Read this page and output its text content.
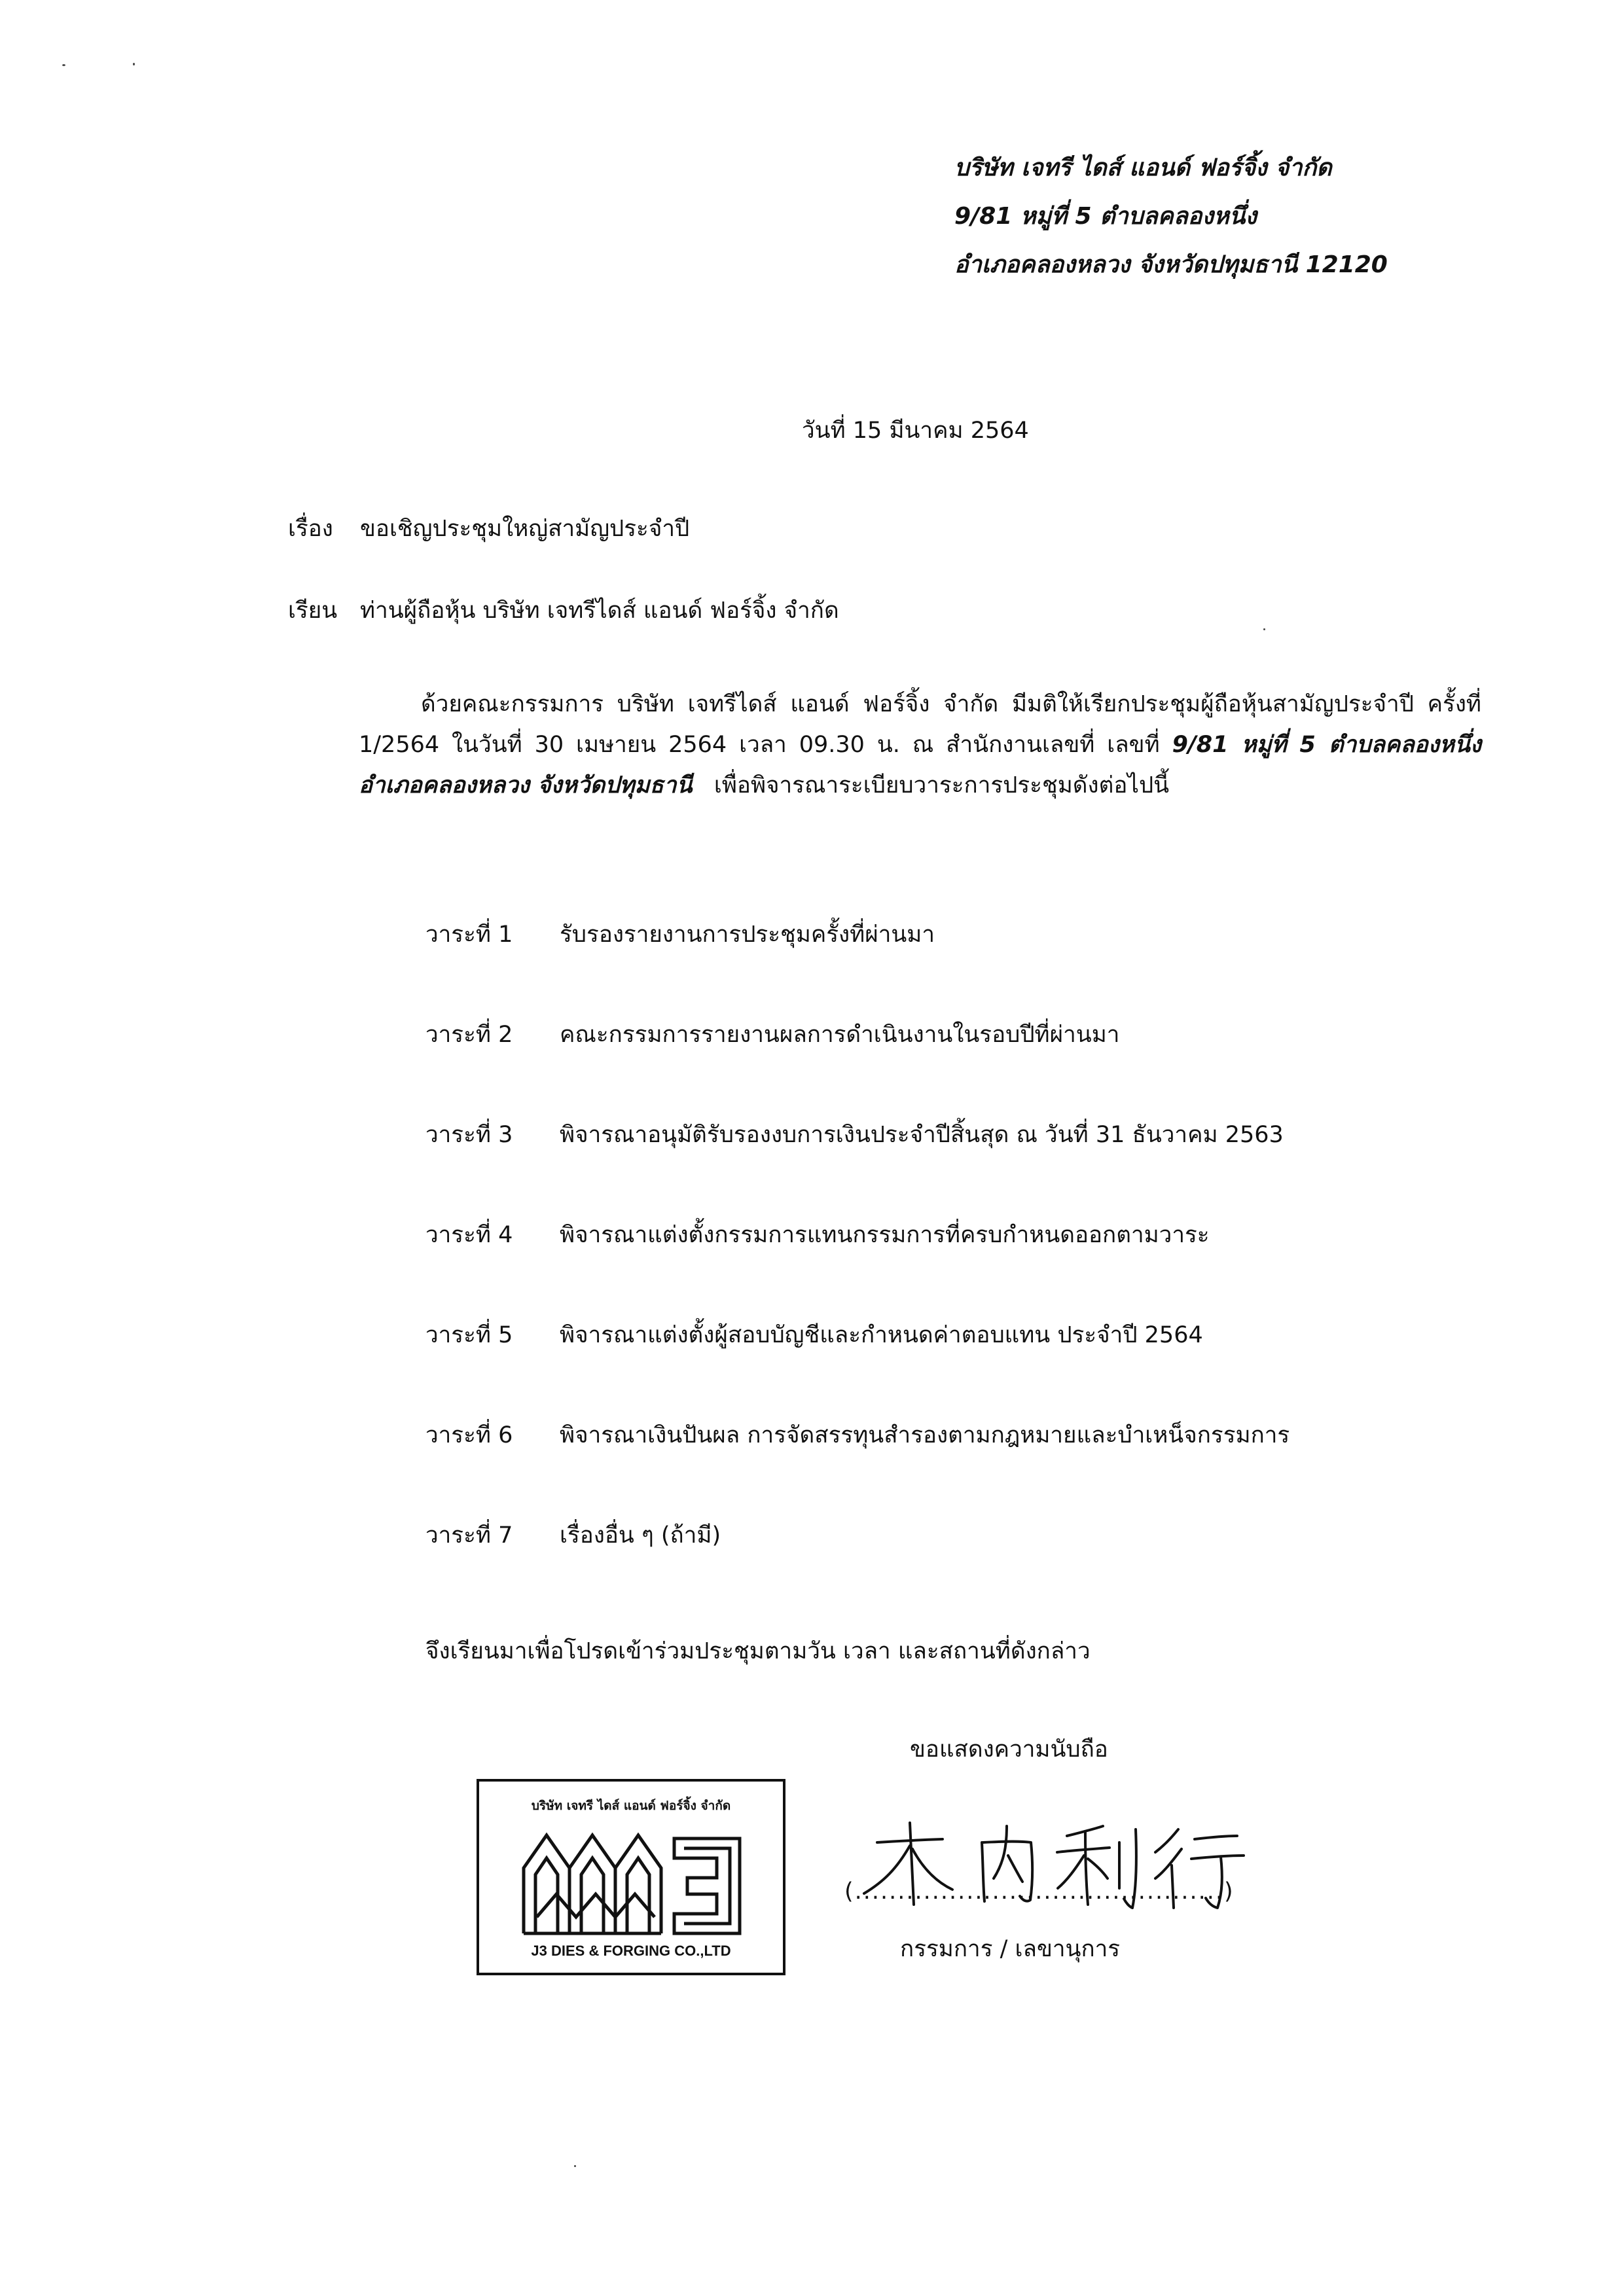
บริษัท เจทรี ไดส์ แอนด์ ฟอร์จิ้ง จำกัด
9/81 หมู่ที่ 5 ตำบลคลองหนึ่ง
อำเภอคลองหลวง จังหวัดปทุมธานี 12120
วันที่ 15 มีนาคม 2564
เรื่อง ขอเชิญประชุมใหญ่สามัญประจำปี
เรียน ท่านผู้ถือหุ้น บริษัท เจทรีไดส์ แอนด์ ฟอร์จิ้ง จำกัด
ด้วยคณะกรรมการ บริษัท เจทรีไดส์ แอนด์ ฟอร์จิ้ง จำกัด มีมติให้เรียกประชุมผู้ถือหุ้นสามัญประจำปี ครั้งที่ 1/2564 ในวันที่ 30 เมษายน 2564 เวลา 09.30 น. ณ สำนักงานเลขที่ เลขที่ 9/81 หมู่ที่ 5 ตำบลคลองหนึ่ง อำเภอคลองหลวง จังหวัดปทุมธานี เพื่อพิจารณาระเบียบวาระการประชุมดังต่อไปนี้
วาระที่ 1 รับรองรายงานการประชุมครั้งที่ผ่านมา
วาระที่ 2 คณะกรรมการรายงานผลการดำเนินงานในรอบปีที่ผ่านมา
วาระที่ 3 พิจารณาอนุมัติรับรองงบการเงินประจำปีสิ้นสุด ณ วันที่ 31 ธันวาคม 2563
วาระที่ 4 พิจารณาแต่งตั้งกรรมการแทนกรรมการที่ครบกำหนดออกตามวาระ
วาระที่ 5 พิจารณาแต่งตั้งผู้สอบบัญชีและกำหนดค่าตอบแทน ประจำปี 2564
วาระที่ 6 พิจารณาเงินปันผล การจัดสรรทุนสำรองตามกฎหมายและบำเหน็จกรรมการ
วาระที่ 7 เรื่องอื่น ๆ (ถ้ามี)
จึงเรียนมาเพื่อโปรดเข้าร่วมประชุมตามวัน เวลา และสถานที่ดังกล่าว
ขอแสดงความนับถือ
บริษัท เจทรี ไดส์ แอนด์ ฟอร์จิ้ง จำกัด
J3 DIES & FORGING CO.,LTD
(...........................................)
กรรมการ / เลขานุการ
